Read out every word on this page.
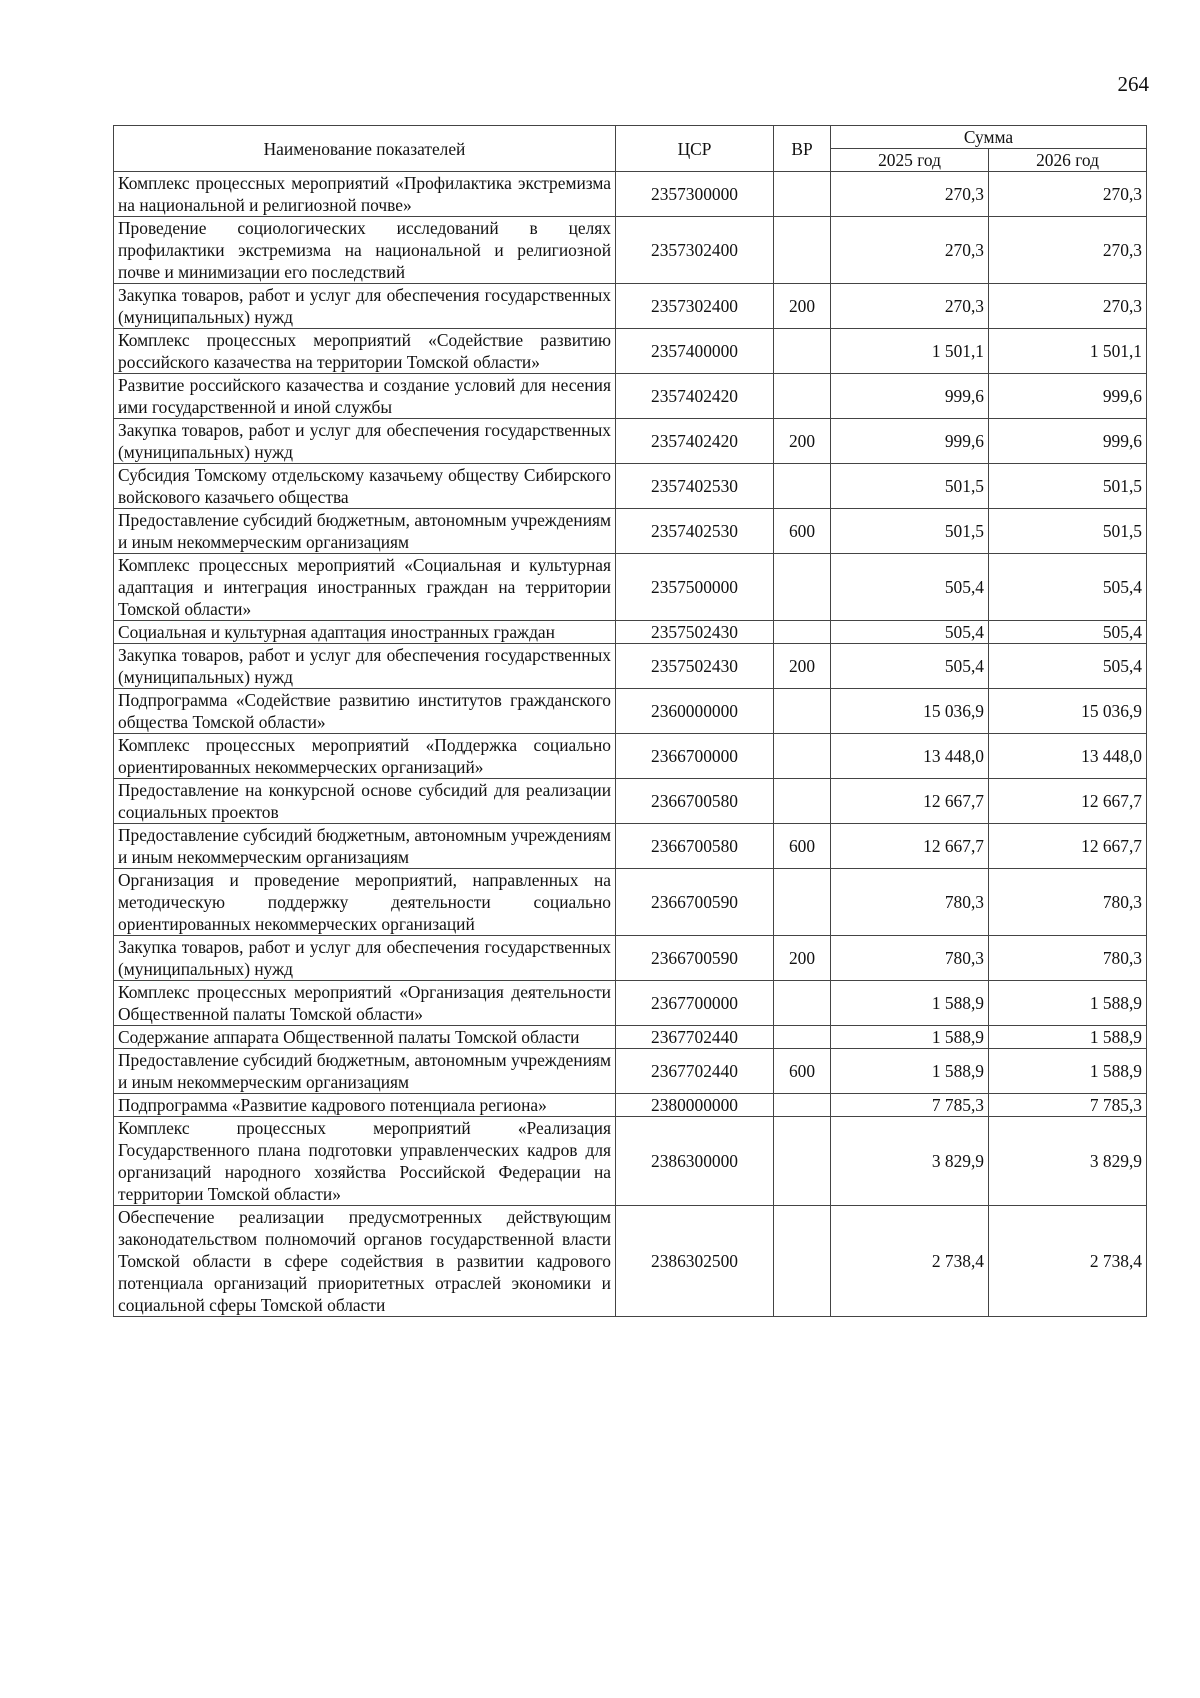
264
Наименование показателей	ЦСР	ВР	Сумма	
			2025 год	2026 год
Комплекс процессных мероприятий «Профилактика экстремизма на национальной и религиозной почве»	2357300000		270,3	270,3
Проведение социологических исследований в целях профилактики экстремизма на национальной и религиозной почве и минимизации его последствий	2357302400		270,3	270,3
Закупка товаров, работ и услуг для обеспечения государственных (муниципальных) нужд	2357302400	200	270,3	270,3
Комплекс процессных мероприятий «Содействие развитию российского казачества на территории Томской области»	2357400000		1 501,1	1 501,1
Развитие российского казачества и создание условий для несения ими государственной и иной службы	2357402420		999,6	999,6
Закупка товаров, работ и услуг для обеспечения государственных (муниципальных) нужд	2357402420	200	999,6	999,6
Субсидия Томскому отдельскому казачьему обществу Сибирского войскового казачьего общества	2357402530		501,5	501,5
Предоставление субсидий бюджетным, автономным учреждениям и иным некоммерческим организациям	2357402530	600	501,5	501,5
Комплекс процессных мероприятий «Социальная и культурная адаптация и интеграция иностранных граждан на территории Томской области»	2357500000		505,4	505,4
Социальная и культурная адаптация иностранных граждан	2357502430		505,4	505,4
Закупка товаров, работ и услуг для обеспечения государственных (муниципальных) нужд	2357502430	200	505,4	505,4
Подпрограмма «Содействие развитию институтов гражданского общества Томской области»	2360000000		15 036,9	15 036,9
Комплекс процессных мероприятий «Поддержка социально ориентированных некоммерческих организаций»	2366700000		13 448,0	13 448,0
Предоставление на конкурсной основе субсидий для реализации социальных проектов	2366700580		12 667,7	12 667,7
Предоставление субсидий бюджетным, автономным учреждениям и иным некоммерческим организациям	2366700580	600	12 667,7	12 667,7
Организация и проведение мероприятий, направленных на методическую поддержку деятельности социально ориентированных некоммерческих организаций	2366700590		780,3	780,3
Закупка товаров, работ и услуг для обеспечения государственных (муниципальных) нужд	2366700590	200	780,3	780,3
Комплекс процессных мероприятий «Организация деятельности Общественной палаты Томской области»	2367700000		1 588,9	1 588,9
Содержание аппарата Общественной палаты Томской области	2367702440		1 588,9	1 588,9
Предоставление субсидий бюджетным, автономным учреждениям и иным некоммерческим организациям	2367702440	600	1 588,9	1 588,9
Подпрограмма «Развитие кадрового потенциала региона»	2380000000		7 785,3	7 785,3
Комплекс процессных мероприятий «Реализация Государственного плана подготовки управленческих кадров для организаций народного хозяйства Российской Федерации на территории Томской области»	2386300000		3 829,9	3 829,9
Обеспечение реализации предусмотренных действующим законодательством полномочий органов государственной власти Томской области в сфере содействия в развитии кадрового потенциала организаций приоритетных отраслей экономики и социальной сферы Томской области	2386302500		2 738,4	2 738,4
